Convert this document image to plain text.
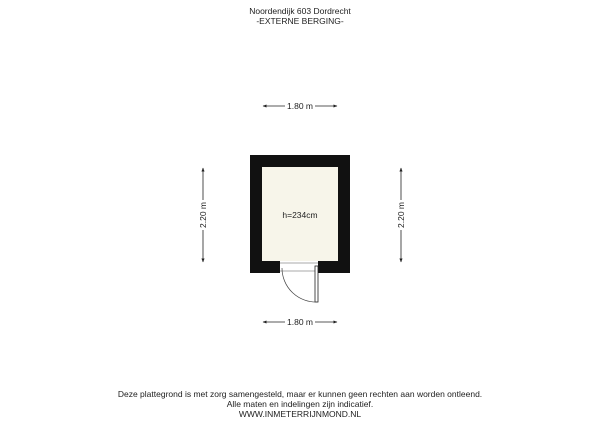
Noordendijk 603 Dordrecht
-EXTERNE BERGING-
1.80 m
1.80 m
2.20 m	2.20 m
h=234cm
Deze plattegrond is met zorg samengesteld, maar er kunnen geen rechten aan worden ontleend.
Alle maten en indelingen zijn indicatief.
WWW.INMETERRIJNMOND.NL
